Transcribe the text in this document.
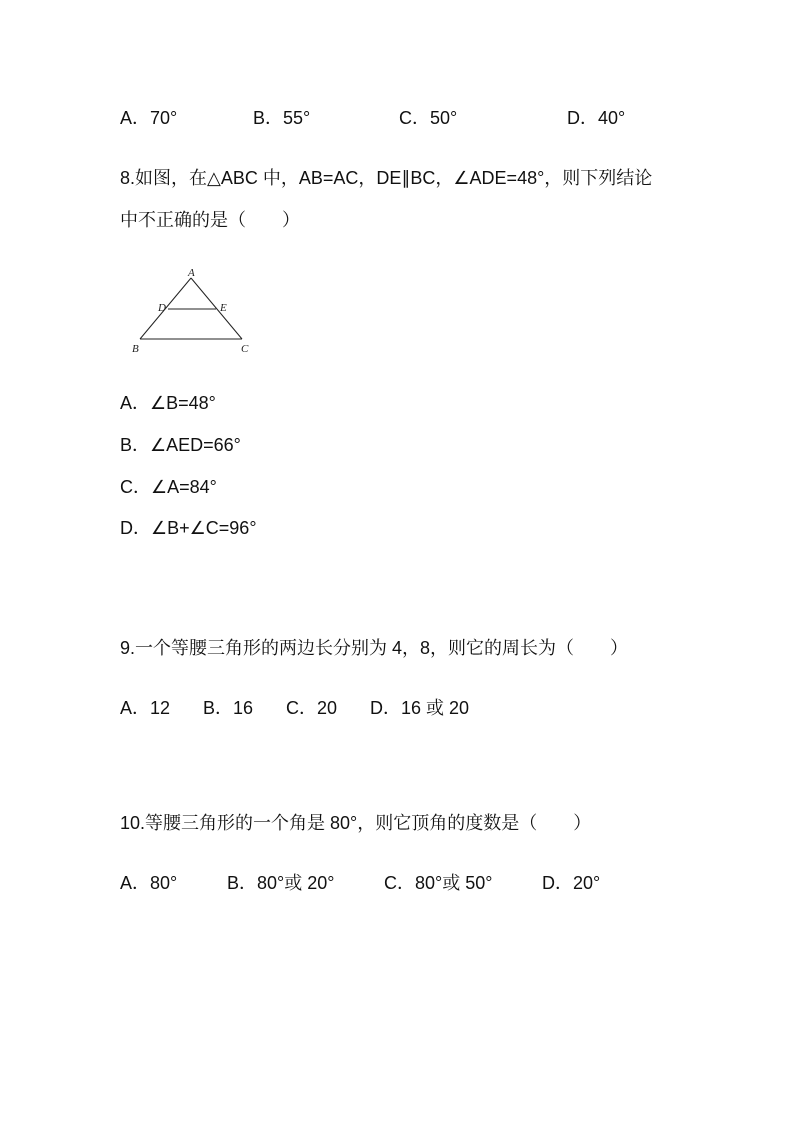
A．70°	B．55°	C．50°	D．40°
8.如图，在△ABC 中，AB=AC，DE∥BC，∠ADE=48°，则下列结论
中不正确的是（　　）
A
D	E
B	C
A．∠B=48°
B．∠AED=66°
C．∠A=84°
D．∠B+∠C=96°
9.一个等腰三角形的两边长分别为 4，8，则它的周长为（　　）
A．12 B．16 C．20 D．16 或 20
10.等腰三角形的一个角是 80°，则它顶角的度数是（　　）
A．80°	B．80°或 20°	C．80°或 50°	D．20°
